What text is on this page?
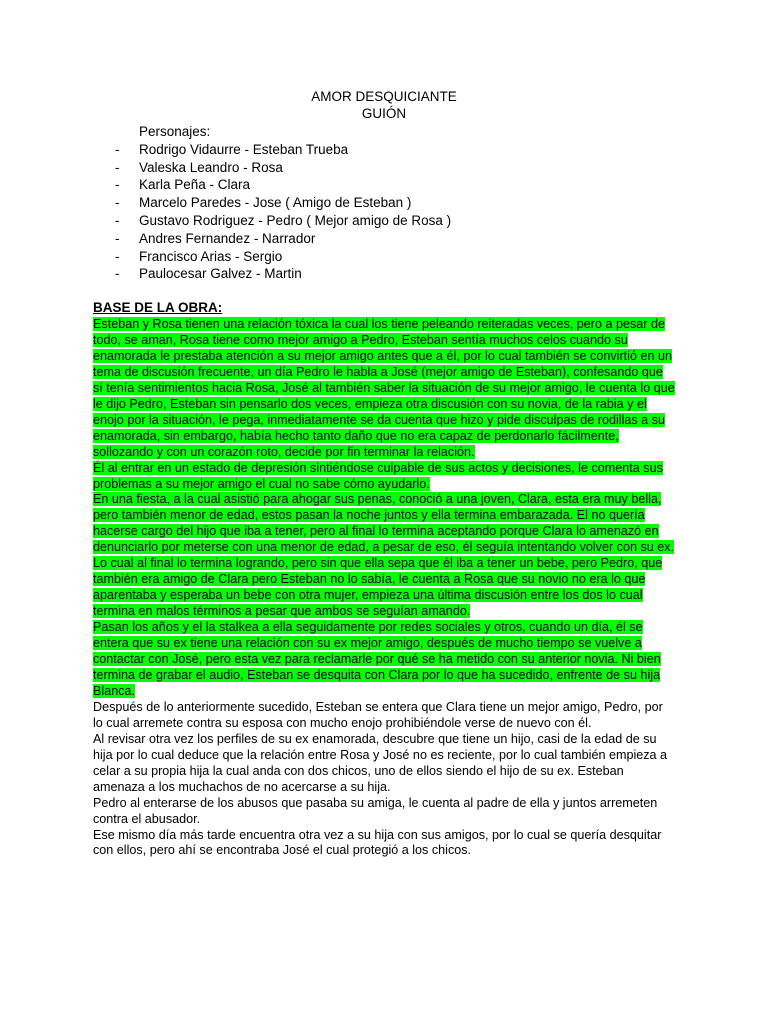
AMOR DESQUICIANTE
GUIÓN
Personajes:
- Rodrigo Vidaurre - Esteban Trueba
- Valeska Leandro - Rosa
- Karla Peña - Clara
- Marcelo Paredes - Jose ( Amigo de Esteban )
- Gustavo Rodriguez - Pedro ( Mejor amigo de Rosa )
- Andres Fernandez - Narrador
- Francisco Arias - Sergio
- Paulocesar Galvez - Martin
BASE DE LA OBRA:

Esteban y Rosa tienen una relación tóxica la cual los tiene peleando reiteradas veces, pero a pesar de todo, se aman, Rosa tiene como mejor amigo a Pedro, Esteban sentía muchos celos cuando su enamorada le prestaba atención a su mejor amigo antes que a él, por lo cual también se convirtió en un tema de discusión frecuente, un día Pedro le habla a José (mejor amigo de Esteban), confesando que sí tenía sentimientos hacia Rosa, José al también saber la situación de su mejor amigo, le cuenta lo que le dijo Pedro, Esteban sin pensarlo dos veces, empieza otra discusión con su novia, de la rabia y el enojo por la situación, le pega, inmediatamente se da cuenta que hizo y pide disculpas de rodillas a su enamorada, sin embargo, había hecho tanto daño que no era capaz de perdonarlo fácilmente, sollozando y con un corazón roto, decide por fin terminar la relación.

Él al entrar en un estado de depresión sintiéndose culpable de sus actos y decisiones, le comenta sus problemas a su mejor amigo el cual no sabe cómo ayudarlo.

En una fiesta, a la cual asistió para ahogar sus penas, conoció a una joven, Clara, esta era muy bella, pero también menor de edad, estos pasan la noche juntos y ella termina embarazada. El no quería hacerse cargo del hijo que iba a tener, pero al final lo termina aceptando porque Clara lo amenazó en denunciarlo por meterse con una menor de edad, a pesar de eso, él seguía intentando volver con su ex.

Lo cual al final lo termina logrando, pero sin que ella sepa que él iba a tener un bebe, pero Pedro, que también era amigo de Clara pero Esteban no lo sabía, le cuenta a Rosa que su novio no era lo que aparentaba y esperaba un bebe con otra mujer, empieza una última discusión entre los dos lo cual termina en malos términos a pesar que ambos se seguían amando.

Pasan los años y el la stalkea a ella seguidamente por redes sociales y otros, cuando un día, él se entera que su ex tiene una relación con su ex mejor amigo, después de mucho tiempo se vuelve a contactar con José, pero esta vez para reclamarle por qué se ha metido con su anterior novia. Ni bien termina de grabar el audio, Esteban se desquita con Clara por lo que ha sucedido, enfrente de su hija Blanca.

Después de lo anteriormente sucedido, Esteban se entera que Clara tiene un mejor amigo, Pedro, por lo cual arremete contra su esposa con mucho enojo prohibiéndole verse de nuevo con él.

Al revisar otra vez los perfiles de su ex enamorada, descubre que tiene un hijo, casi de la edad de su hija por lo cual deduce que la relación entre Rosa y José no es reciente, por lo cual también empieza a celar a su propia hija la cual anda con dos chicos, uno de ellos siendo el hijo de su ex. Esteban amenaza a los muchachos de no acercarse a su hija.

Pedro al enterarse de los abusos que pasaba su amiga, le cuenta al padre de ella y juntos arremeten contra el abusador.

Ese mismo día más tarde encuentra otra vez a su hija con sus amigos, por lo cual se quería desquitar con ellos, pero ahí se encontraba José el cual protegió a los chicos.
